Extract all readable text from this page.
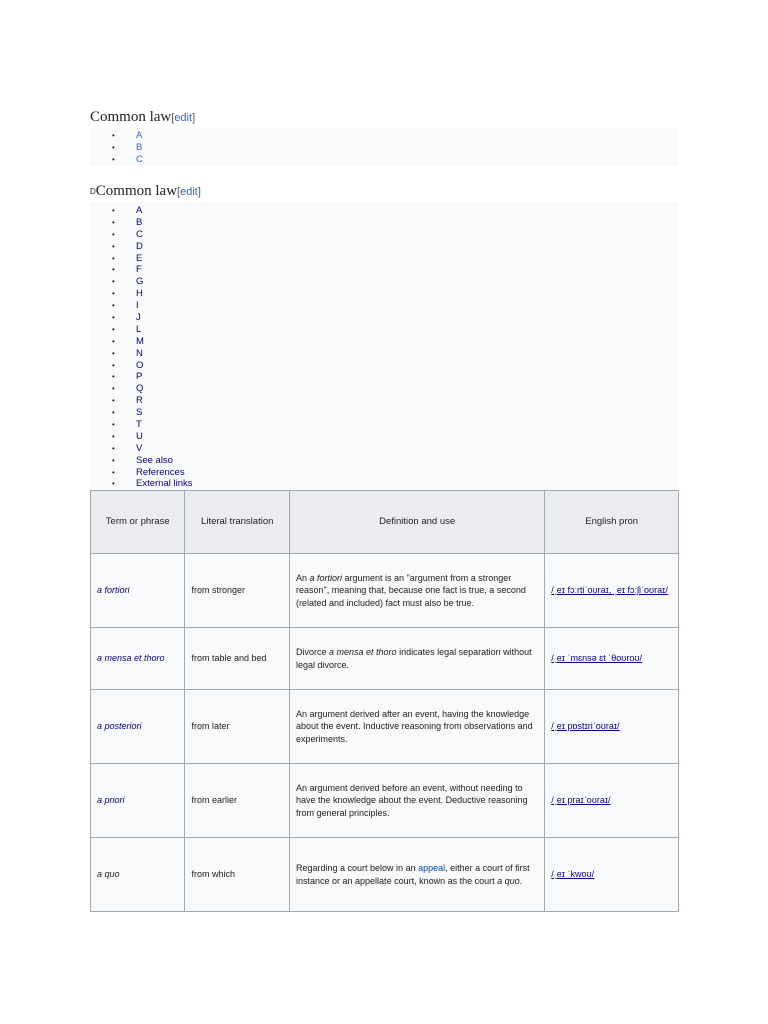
Common law[edit]
• A
• B
• C
DCommon law[edit]
• A
• B
• C
• D
• E
• F
• G
• H
• I
• J
• L
• M
• N
• O
• P
• Q
• R
• S
• T
• U
• V
• See also
• References
• External links
Term or phrase	Literal translation	Definition and use	English pron
a fortiori	from stronger	An a fortiori argument is an "argument from a stronger reason", meaning that, because one fact is true, a second (related and included) fact must also be true.	/ˌeɪ fɔːrtiˈoʊraɪ, ˌeɪ fɔːʃiˈoʊraɪ/
a mensa et thoro	from table and bed	Divorce a mensa et thoro indicates legal separation without legal divorce.	/ˌeɪ ˈmɛnsə ɛt ˈθoʊroʊ/
a posteriori	from later	An argument derived after an event, having the knowledge about the event. Inductive reasoning from observations and experiments.	/ˌeɪ pɒstɪriˈoʊraɪ/
a priori	from earlier	An argument derived before an event, without needing to have the knowledge about the event. Deductive reasoning from general principles.	/ˌeɪ praɪˈoʊraɪ/
a quo	from which	Regarding a court below in an appeal, either a court of first instance or an appellate court, known as the court a quo.	/ˌeɪ ˈkwoʊ/
